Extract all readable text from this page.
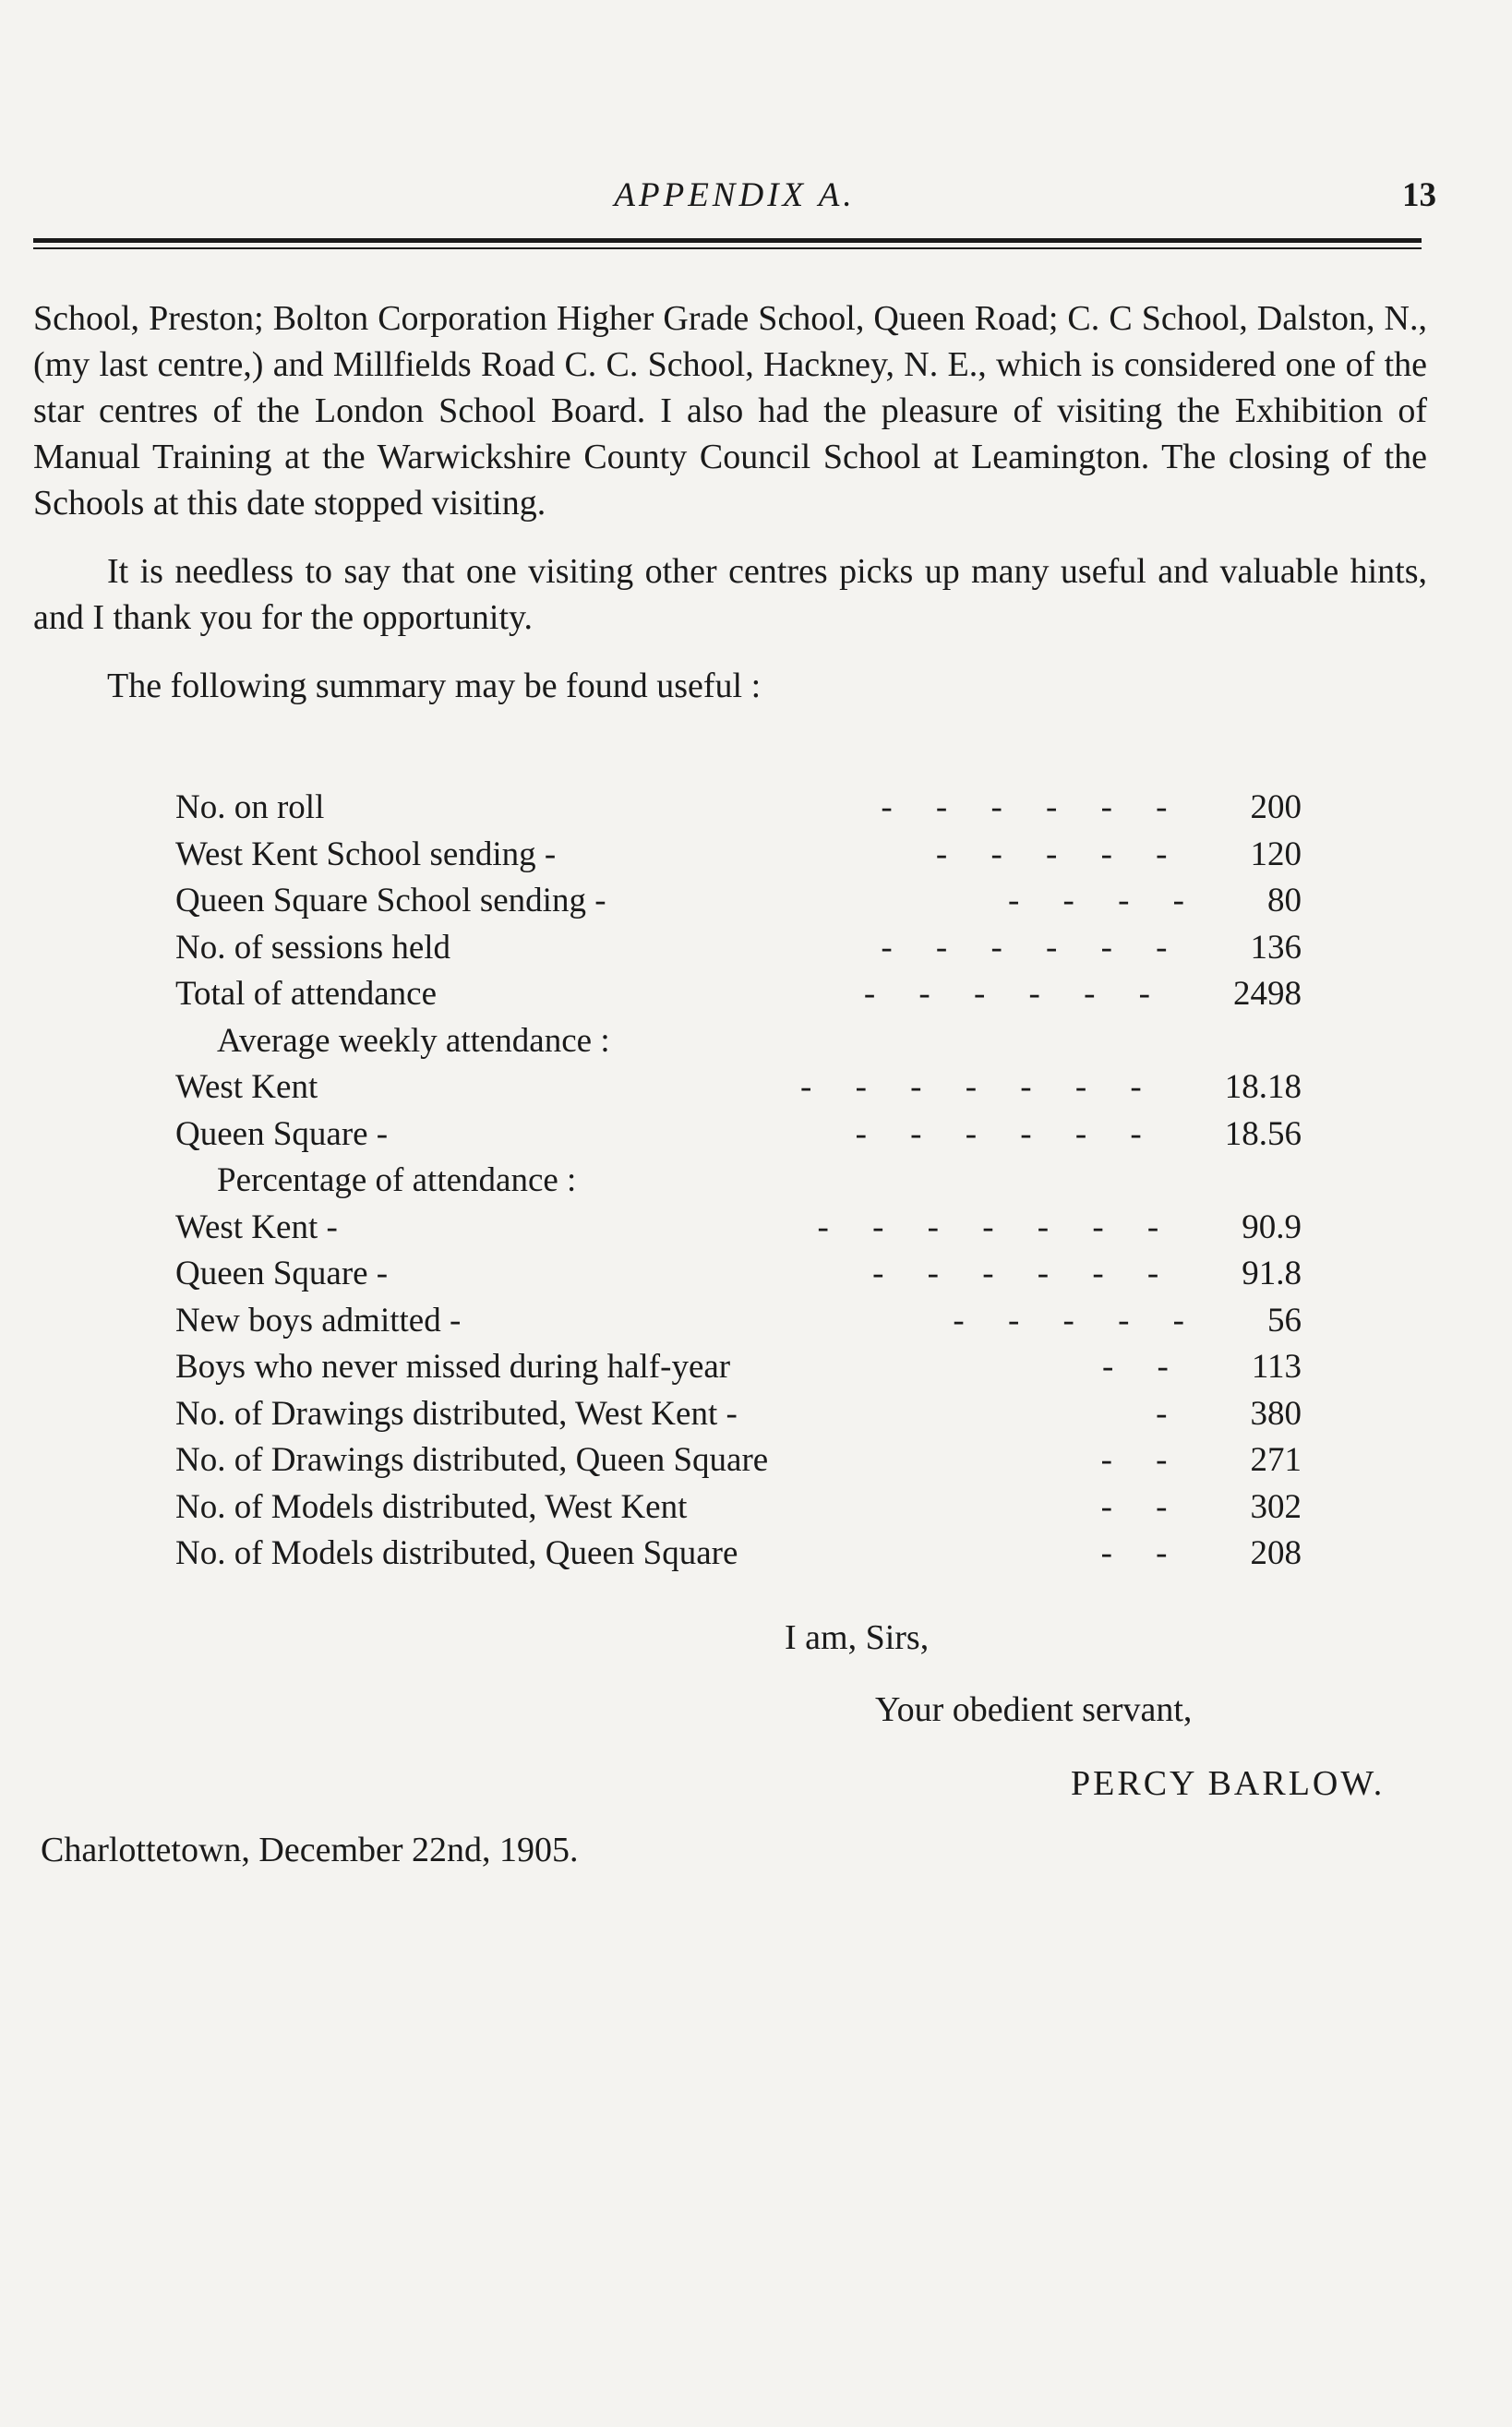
APPENDIX A.	13

School, Preston; Bolton Corporation Higher Grade School, Queen Road; C. C School, Dalston, N., (my last centre,) and Millfields Road C. C. School, Hackney, N. E., which is considered one of the star centres of the London School Board. I also had the pleasure of visiting the Exhibition of Manual Training at the Warwickshire County Council School at Leamington. The closing of the Schools at this date stopped visiting.

It is needless to say that one visiting other centres picks up many useful and valuable hints, and I thank you for the opportunity.

The following summary may be found useful :

No. on roll	200
- - - - - -
West Kent School sending -	120
- - - - -
Queen Square School sending -	80
- - - -
No. of sessions held	136
- - - - - -
Total of attendance	2498
- - - - - -
Average weekly attendance :
West Kent	18.18
- - - - - - -
Queen Square -	18.56
- - - - - -
Percentage of attendance :
West Kent -	90.9
- - - - - - -
Queen Square -	91.8
- - - - - -
New boys admitted -	56
- - - - -
Boys who never missed during half-year	113
- -
No. of Drawings distributed, West Kent -	380
-
No. of Drawings distributed, Queen Square	271
- -
No. of Models distributed, West Kent	302
- -
No. of Models distributed, Queen Square	208
- -
I am, Sirs,
Your obedient servant,
PERCY BARLOW.
Charlottetown, December 22nd, 1905.
